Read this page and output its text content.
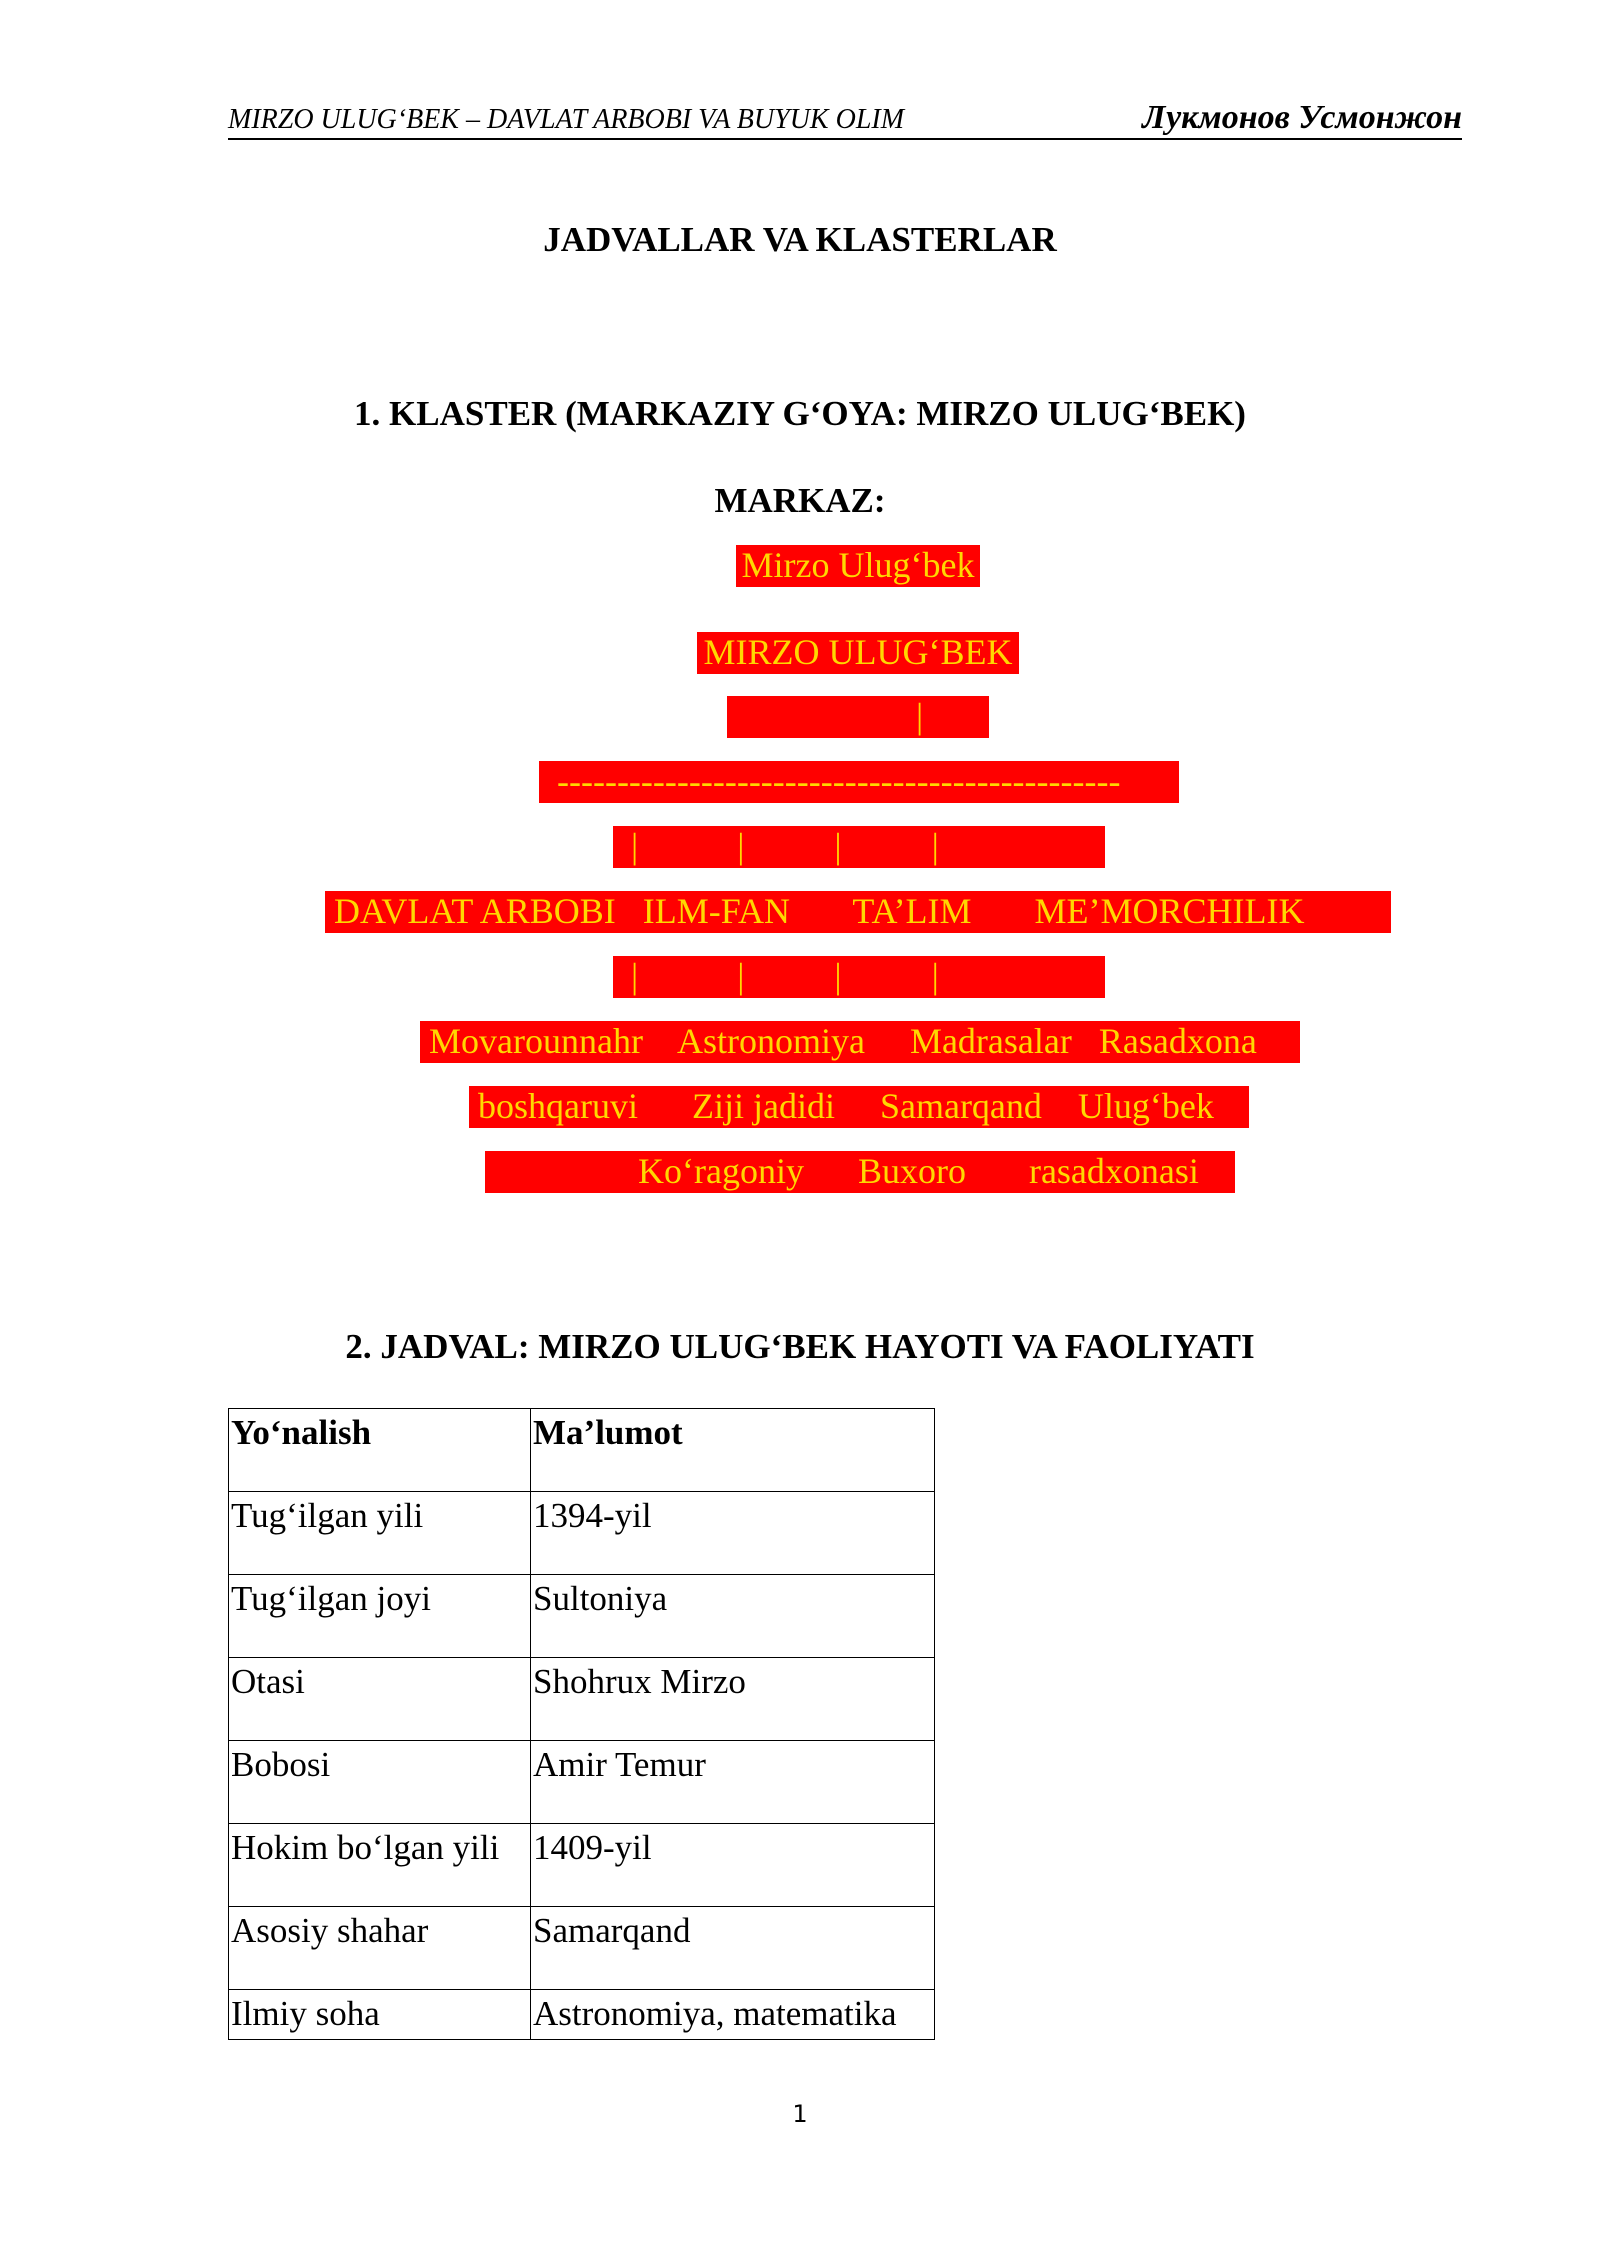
MIRZO ULUG‘BEK – DAVLAT ARBOBI VA BUYUK OLIM	Лукмонов Усмонжон
JADVALLAR VA KLASTERLAR
1. KLASTER (MARKAZIY G‘OYA: MIRZO ULUG‘BEK)
MARKAZ:
Mirzo Ulug‘bek
MIRZO ULUG‘BEK
|
-----------------------------------------------
|           |          |          |
DAVLAT ARBOBI   ILM-FAN       TA’LIM       ME’MORCHILIK
|           |          |          |
Movarounnahr    Astronomiya     Madrasalar   Rasadxona
boshqaruvi      Ziji jadidi     Samarqand    Ulug‘bek
Ko‘ragoniy      Buxoro       rasadxonasi
2. JADVAL: MIRZO ULUG‘BEK HAYOTI VA FAOLIYATI
Yo‘nalish	Ma’lumot
Tug‘ilgan yili	1394-yil
Tug‘ilgan joyi	Sultoniya
Otasi	Shohrux Mirzo
Bobosi	Amir Temur
Hokim bo‘lgan yili	1409-yil
Asosiy shahar	Samarqand
Ilmiy soha	Astronomiya, matematika
1
